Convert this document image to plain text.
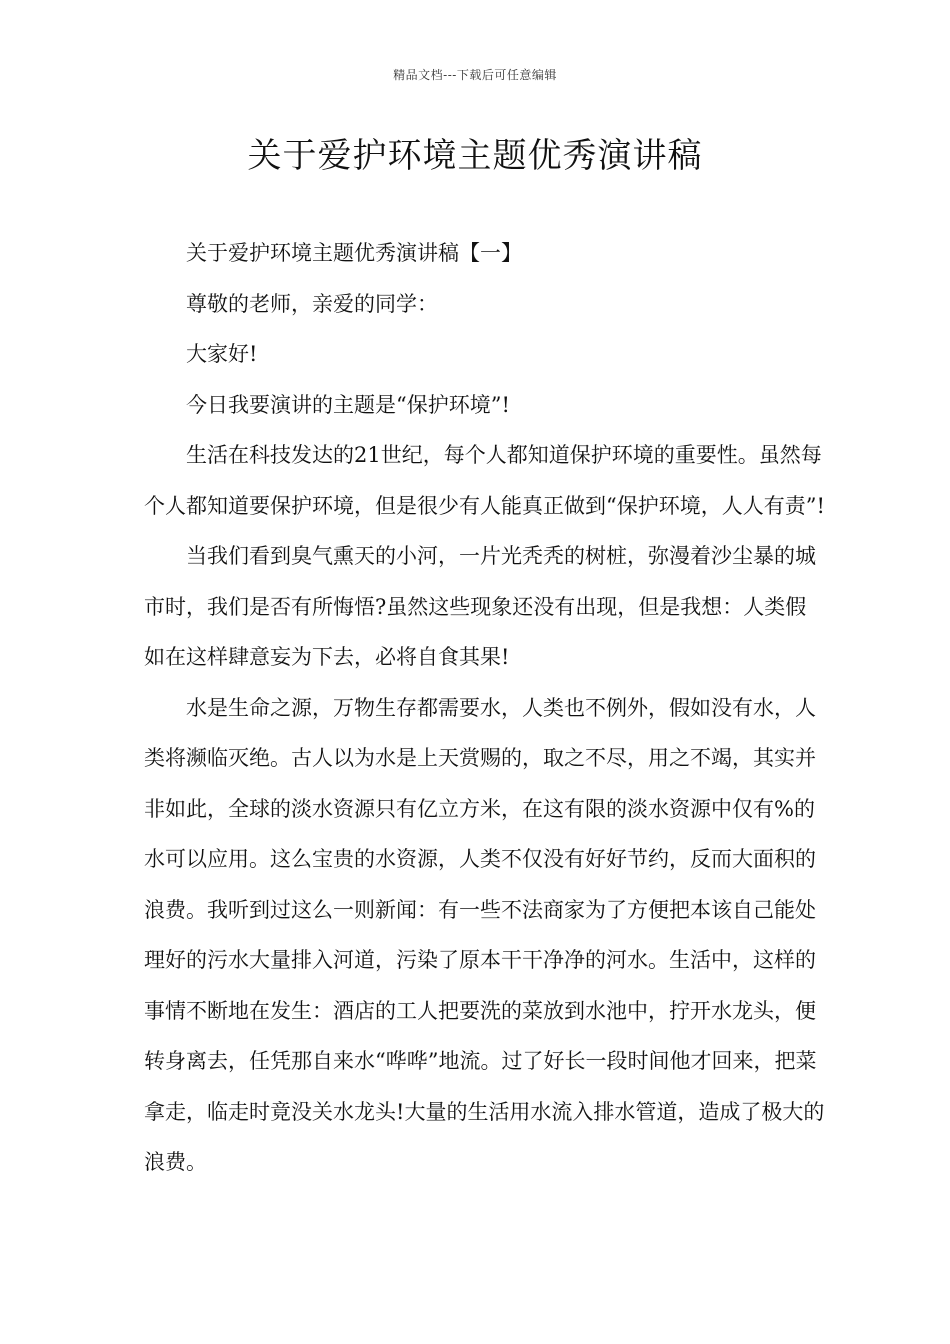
精品文档---下载后可任意编辑
关于爱护环境主题优秀演讲稿

关于爱护环境主题优秀演讲稿【一】

尊敬的老师，亲爱的同学：

大家好!

今日我要演讲的主题是“保护环境”!

生活在科技发达的21世纪，每个人都知道保护环境的重要性。虽然每个人都知道要保护环境，但是很少有人能真正做到“保护环境，人人有责”!

当我们看到臭气熏天的小河，一片光秃秃的树桩，弥漫着沙尘暴的城市时，我们是否有所悔悟?虽然这些现象还没有出现，但是我想：人类假如在这样肆意妄为下去，必将自食其果!

水是生命之源，万物生存都需要水，人类也不例外，假如没有水，人类将濒临灭绝。古人以为水是上天赏赐的，取之不尽，用之不竭，其实并非如此，全球的淡水资源只有亿立方米，在这有限的淡水资源中仅有%的水可以应用。这么宝贵的水资源，人类不仅没有好好节约，反而大面积的浪费。我听到过这么一则新闻：有一些不法商家为了方便把本该自己能处理好的污水大量排入河道，污染了原本干干净净的河水。生活中，这样的事情不断地在发生：酒店的工人把要洗的菜放到水池中，拧开水龙头，便转身离去，任凭那自来水“哗哗”地流。过了好长一段时间他才回来，把菜拿走，临走时竟没关水龙头!大量的生活用水流入排水管道，造成了极大的浪费。
